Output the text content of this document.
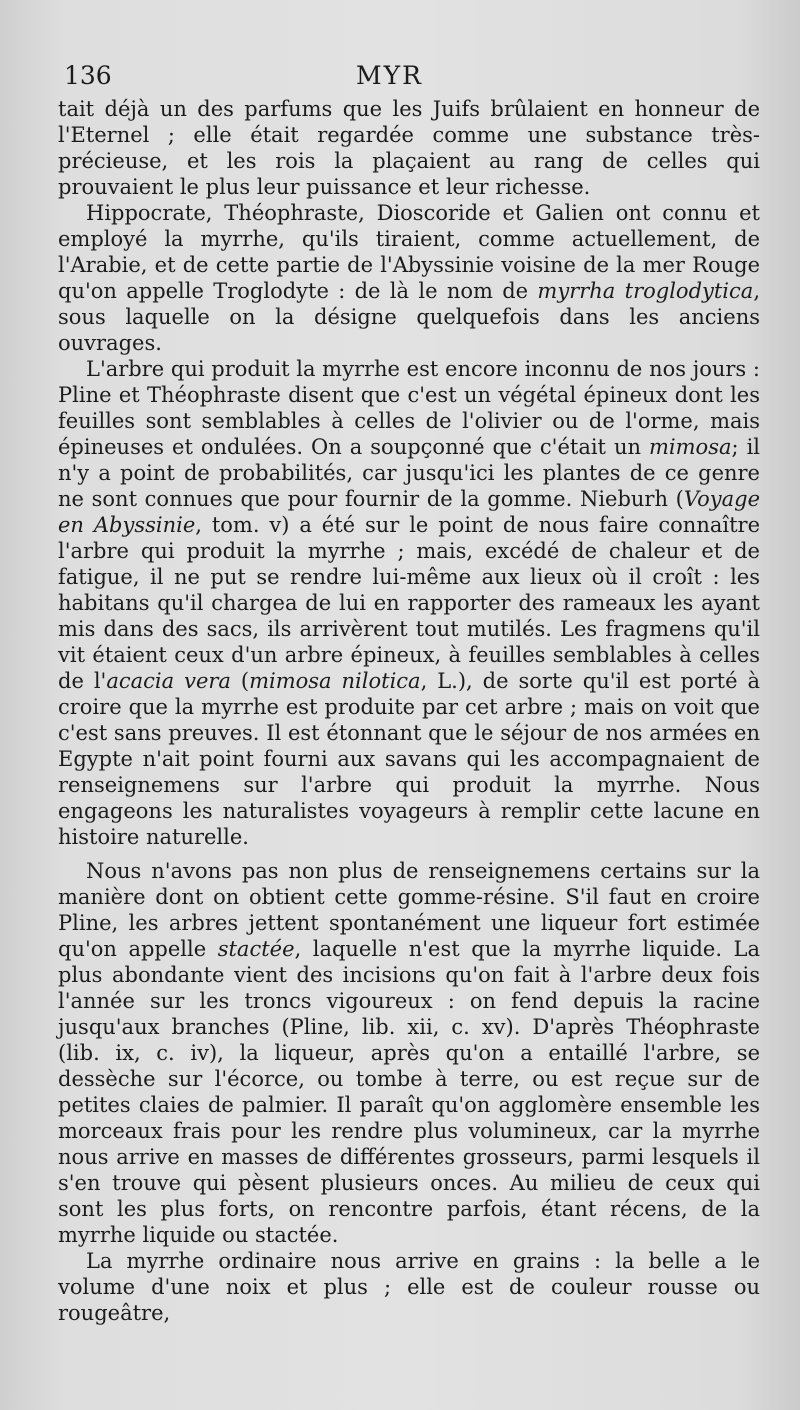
136	MYR

tait déjà un des parfums que les Juifs brûlaient en honneur de l'Eternel ; elle était regardée comme une substance très-précieuse, et les rois la plaçaient au rang de celles qui prouvaient le plus leur puissance et leur richesse.

Hippocrate, Théophraste, Dioscoride et Galien ont connu et employé la myrrhe, qu'ils tiraient, comme actuellement, de l'Arabie, et de cette partie de l'Abyssinie voisine de la mer Rouge qu'on appelle Troglodyte : de là le nom de myrrha troglodytica, sous laquelle on la désigne quelquefois dans les anciens ouvrages.

L'arbre qui produit la myrrhe est encore inconnu de nos jours : Pline et Théophraste disent que c'est un végétal épineux dont les feuilles sont semblables à celles de l'olivier ou de l'orme, mais épineuses et ondulées. On a soupçonné que c'était un mimosa; il n'y a point de probabilités, car jusqu'ici les plantes de ce genre ne sont connues que pour fournir de la gomme. Nieburh (Voyage en Abyssinie, tom. v) a été sur le point de nous faire connaître l'arbre qui produit la myrrhe ; mais, excédé de chaleur et de fatigue, il ne put se rendre lui-même aux lieux où il croît : les habitans qu'il chargea de lui en rapporter des rameaux les ayant mis dans des sacs, ils arrivèrent tout mutilés. Les fragmens qu'il vit étaient ceux d'un arbre épineux, à feuilles semblables à celles de l'acacia vera (mimosa nilotica, L.), de sorte qu'il est porté à croire que la myrrhe est produite par cet arbre ; mais on voit que c'est sans preuves. Il est étonnant que le séjour de nos armées en Egypte n'ait point fourni aux savans qui les accompagnaient de renseignemens sur l'arbre qui produit la myrrhe. Nous engageons les naturalistes voyageurs à remplir cette lacune en histoire naturelle.

Nous n'avons pas non plus de renseignemens certains sur la manière dont on obtient cette gomme-résine. S'il faut en croire Pline, les arbres jettent spontanément une liqueur fort estimée qu'on appelle stactée, laquelle n'est que la myrrhe liquide. La plus abondante vient des incisions qu'on fait à l'arbre deux fois l'année sur les troncs vigoureux : on fend depuis la racine jusqu'aux branches (Pline, lib. xii, c. xv). D'après Théophraste (lib. ix, c. iv), la liqueur, après qu'on a entaillé l'arbre, se dessèche sur l'écorce, ou tombe à terre, ou est reçue sur de petites claies de palmier. Il paraît qu'on agglomère ensemble les morceaux frais pour les rendre plus volumineux, car la myrrhe nous arrive en masses de différentes grosseurs, parmi lesquels il s'en trouve qui pèsent plusieurs onces. Au milieu de ceux qui sont les plus forts, on rencontre parfois, étant récens, de la myrrhe liquide ou stactée.

La myrrhe ordinaire nous arrive en grains : la belle a le volume d'une noix et plus ; elle est de couleur rousse ou rougeâtre,
